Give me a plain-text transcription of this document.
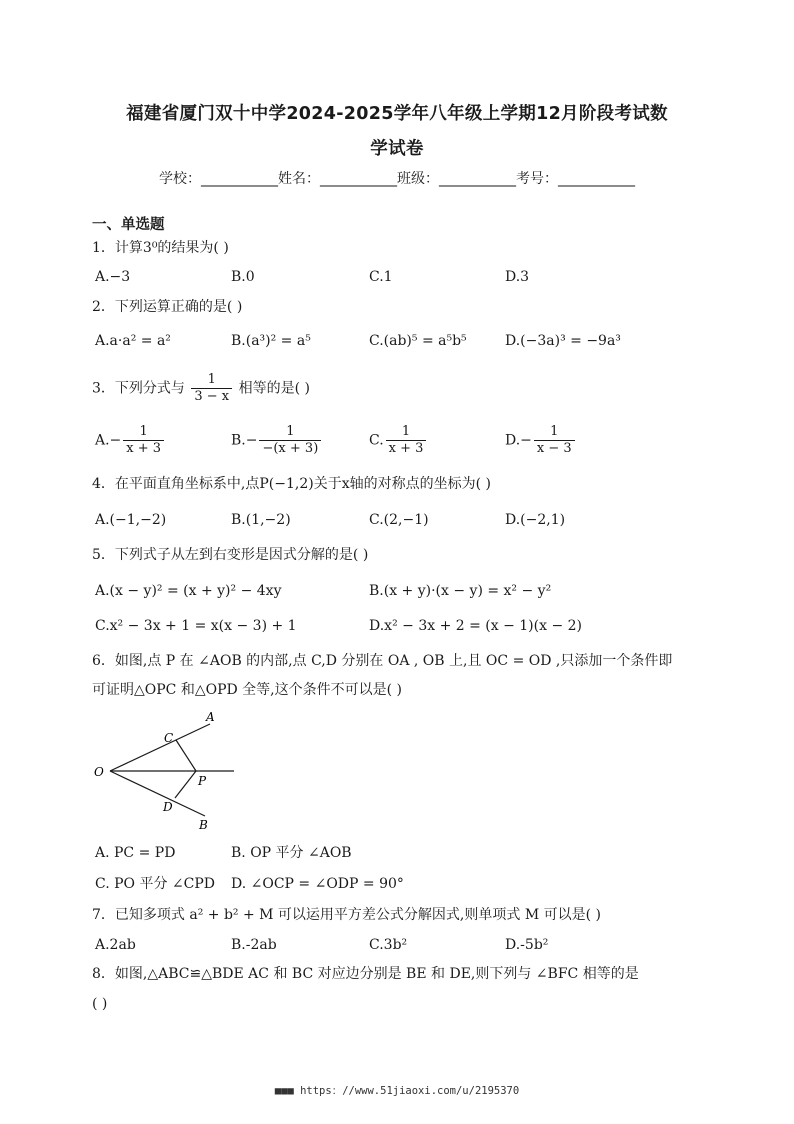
福建省厦门双十中学2024-2025学年八年级上学期12月阶段考试数
学试卷
学校：___________姓名：___________班级：___________考号：___________
一、单选题
1．计算3⁰的结果为( )
A.−3	B.0	C.1	D.3
2．下列运算正确的是( )
A.a·a² = a²	B.(a³)² = a⁵	C.(ab)⁵ = a⁵b⁵	D.(−3a)³ = −9a³
3．下列分式与 $\frac{1}{3 - x}$ 相等的是( )
$A.- \frac{1}{x + 3}$	$B.- \frac{1}{-(x + 3)}$	C. $\frac{1}{x + 3}$	$D.- \frac{1}{x - 3}$
4．在平面直角坐标系中,点P(−1,2)关于x轴的对称点的坐标为( )
A.(−1,−2)	B.(1,−2)	C.(2,−1)	D.(−2,1)
5．下列式子从左到右变形是因式分解的是( )
A.(x − y)² = (x + y)² − 4xy	B.(x + y)·(x − y) = x² − y²
C.x² − 3x + 1 = x(x − 3) + 1	D.x² − 3x + 2 = (x − 1)(x − 2)
6．如图,点 P 在 ∠AOB 的内部,点 C,D 分别在 OA , OB 上,且 OC = OD ,只添加一个条件即
可证明△OPC 和△OPD 全等,这个条件不可以是( )
A
C
O
P
D
B
A. PC = PD	B. OP 平分 ∠AOB
C. PO 平分 ∠CPD D. ∠OCP = ∠ODP = 90°
7．已知多项式 a² + b² + M 可以运用平方差公式分解因式,则单项式 M 可以是( )
A.2ab	B.-2ab	C.3b²	D.-5b²
8．如图,△ABC≌△BDE AC 和 BC 对应边分别是 BE 和 DE,则下列与 ∠BFC 相等的是
( )
■■■ https：//www.51jiaoxi.com/u/2195370
